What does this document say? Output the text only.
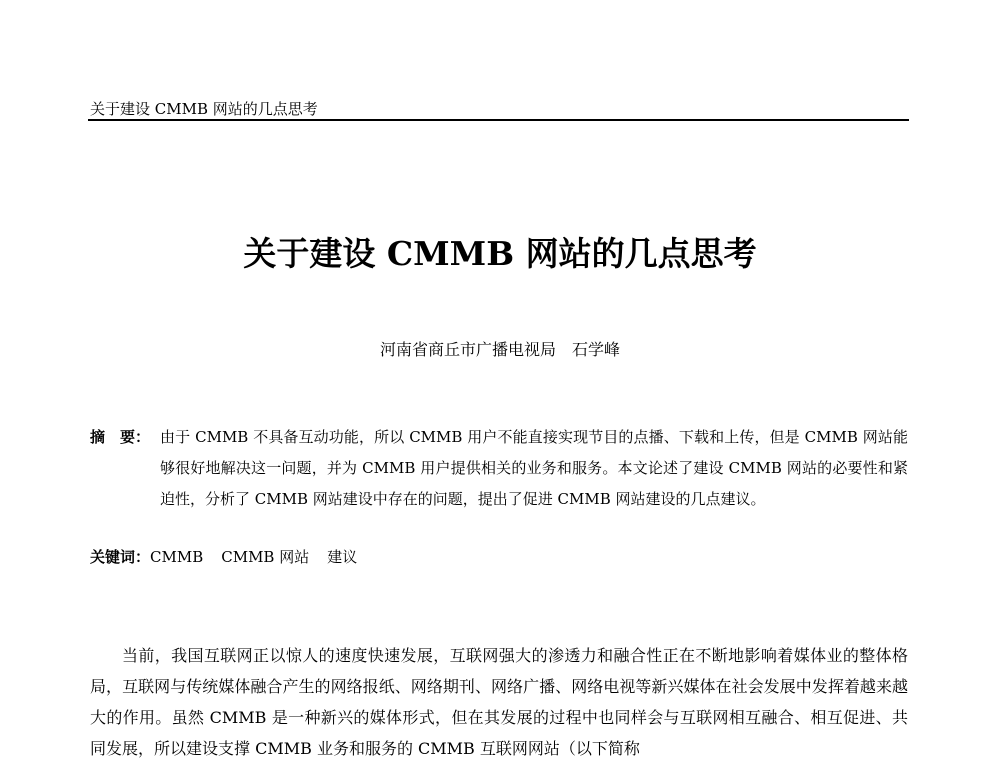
关于建设 CMMB 网站的几点思考
关于建设 CMMB 网站的几点思考
河南省商丘市广播电视局　 石学峰
摘　要： 由于 CMMB 不具备互动功能，所以 CMMB 用户不能直接实现节目的点播、下载和上传，但是 CMMB 网站能够很好地解决这一问题，并为 CMMB 用户提供相关的业务和服务。本文论述了建设 CMMB 网站的必要性和紧迫性，分析了 CMMB 网站建设中存在的问题，提出了促进 CMMB 网站建设的几点建议。
关键词：CMMB CMMB 网站 建议
当前，我国互联网正以惊人的速度快速发展，互联网强大的渗透力和融合性正在不断地影响着媒体业的整体格局，互联网与传统媒体融合产生的网络报纸、网络期刊、网络广播、网络电视等新兴媒体在社会发展中发挥着越来越大的作用。虽然 CMMB 是一种新兴的媒体形式，但在其发展的过程中也同样会与互联网相互融合、相互促进、共同发展，所以建设支撑 CMMB 业务和服务的 CMMB 互联网网站（以下简称
